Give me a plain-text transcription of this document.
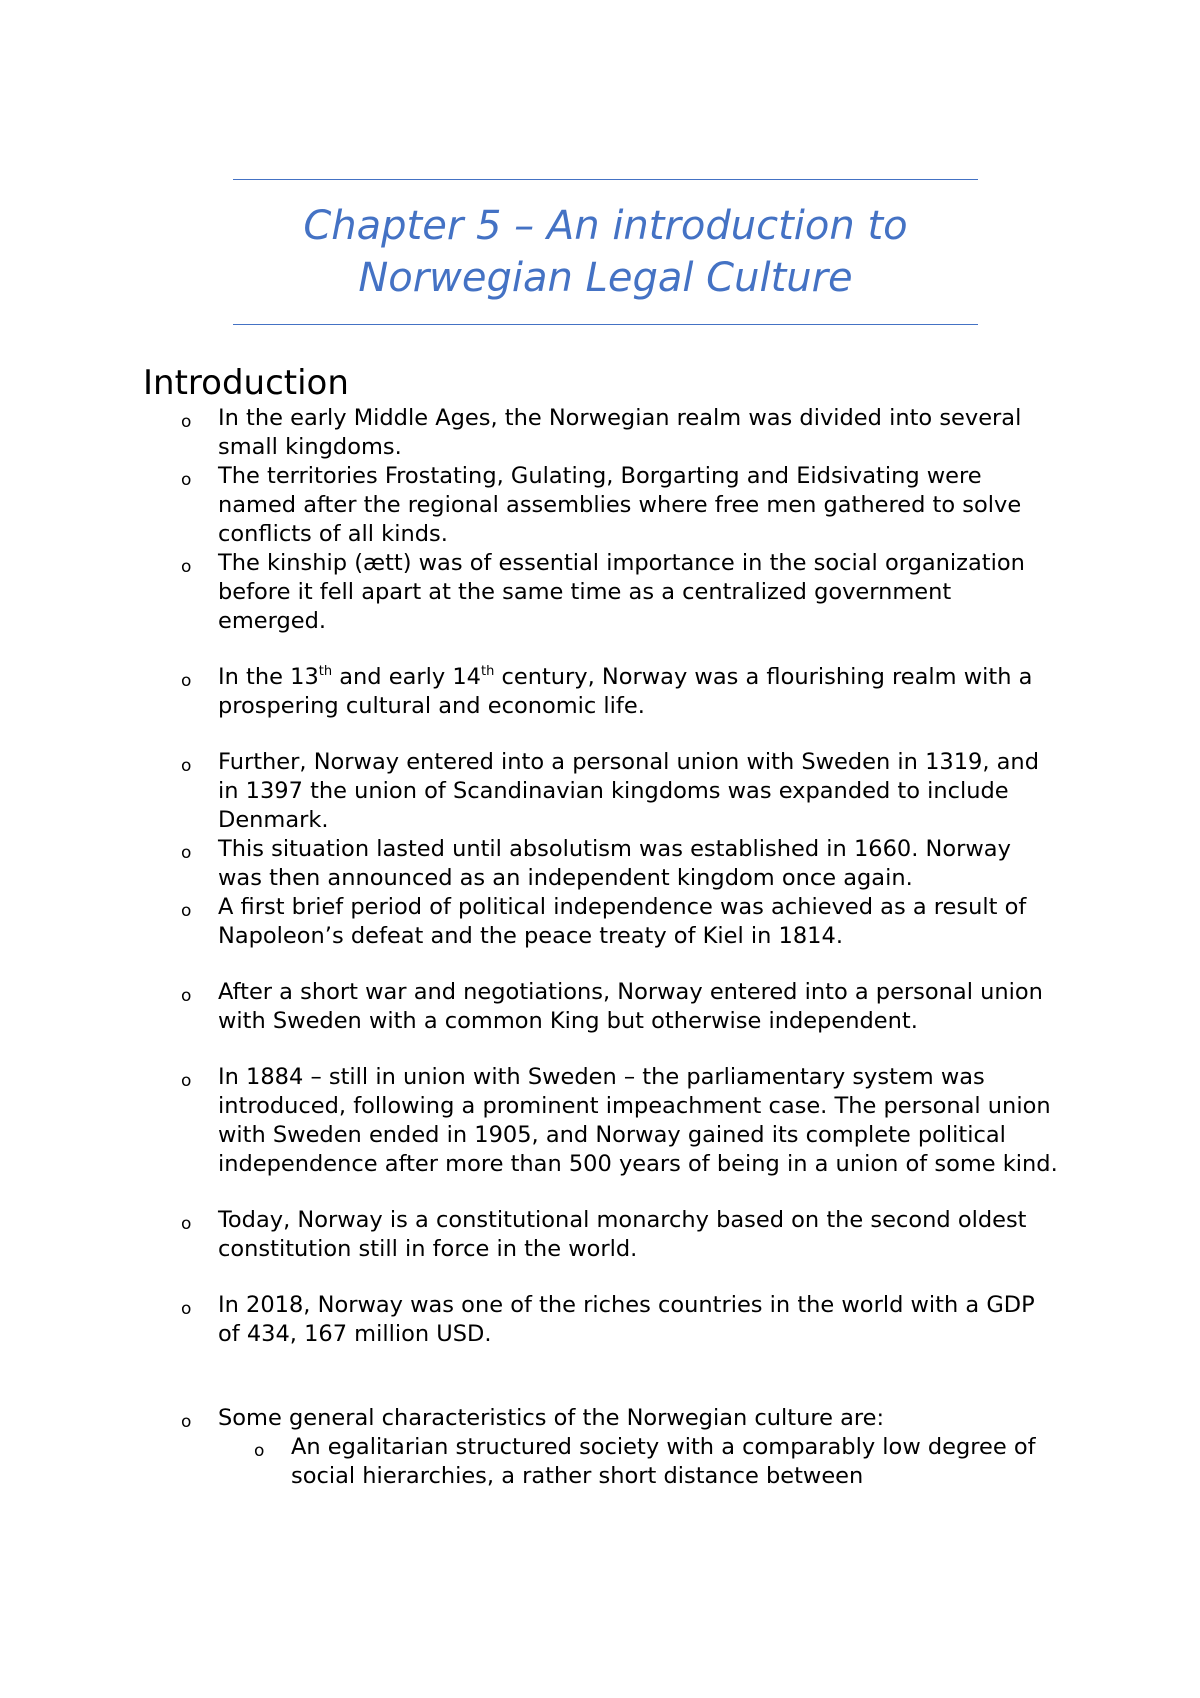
Chapter 5 – An introduction to
Norwegian Legal Culture
Introduction
o In the early Middle Ages, the Norwegian realm was divided into several small kingdoms.
o The territories Frostating, Gulating, Borgarting and Eidsivating were named after the regional assemblies where free men gathered to solve conflicts of all kinds.
o The kinship (ætt) was of essential importance in the social organization before it fell apart at the same time as a centralized government emerged.
o In the 13th and early 14th century, Norway was a flourishing realm with a prospering cultural and economic life.
o Further, Norway entered into a personal union with Sweden in 1319, and in 1397 the union of Scandinavian kingdoms was expanded to include Denmark.
o This situation lasted until absolutism was established in 1660. Norway was then announced as an independent kingdom once again.
o A first brief period of political independence was achieved as a result of Napoleon’s defeat and the peace treaty of Kiel in 1814.
o After a short war and negotiations, Norway entered into a personal union with Sweden with a common King but otherwise independent.
o In 1884 – still in union with Sweden – the parliamentary system was introduced, following a prominent impeachment case. The personal union with Sweden ended in 1905, and Norway gained its complete political independence after more than 500 years of being in a union of some kind.
o Today, Norway is a constitutional monarchy based on the second oldest constitution still in force in the world.
o In 2018, Norway was one of the riches countries in the world with a GDP of 434, 167 million USD.
o Some general characteristics of the Norwegian culture are:
o An egalitarian structured society with a comparably low degree of social hierarchies, a rather short distance between
